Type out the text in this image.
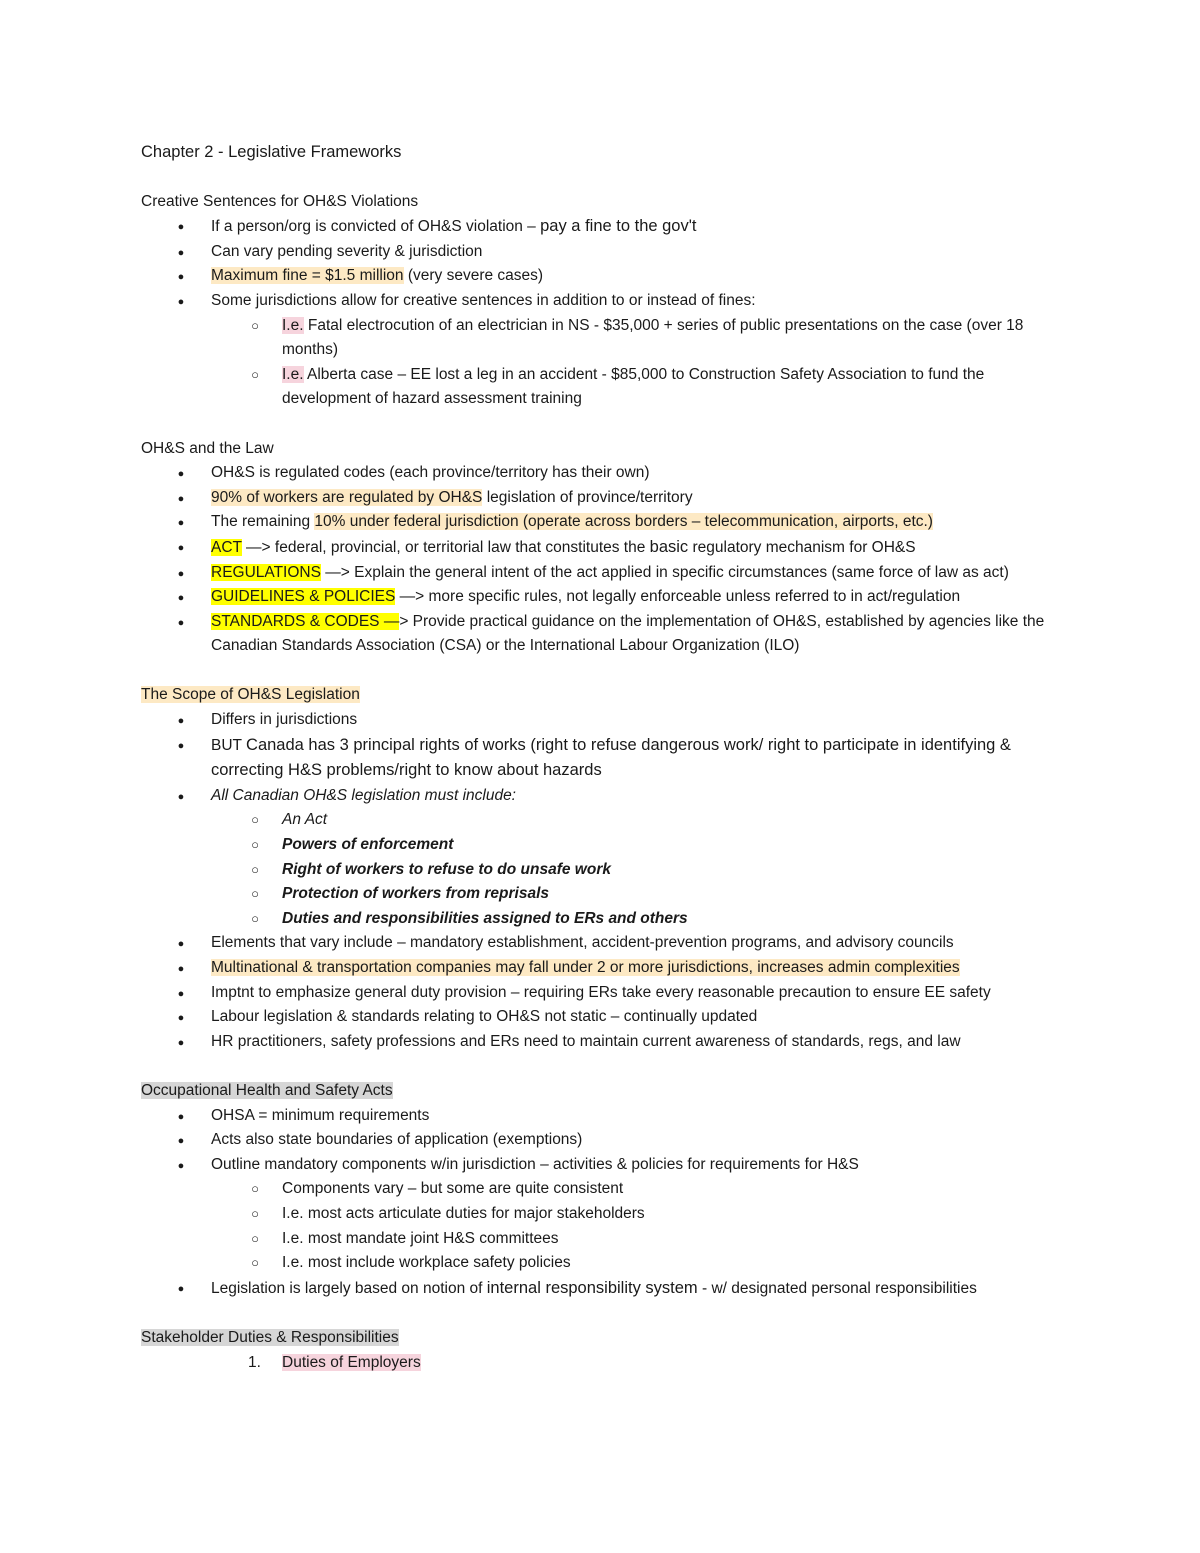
Chapter 2 - Legislative Frameworks

Creative Sentences for OH&S Violations

●
If a person/org is convicted of OH&S violation – pay a fine to the gov't
●
Can vary pending severity & jurisdiction
●
Maximum fine = $1.5 million (very severe cases)
●
Some jurisdictions allow for creative sentences in addition to or instead of fines:
○
I.e. Fatal electrocution of an electrician in NS - $35,000 + series of public presentations on the case (over 18 months)
○
I.e. Alberta case – EE lost a leg in an accident - $85,000 to Construction Safety Association to fund the development of hazard assessment training

OH&S and the Law

●
OH&S is regulated codes (each province/territory has their own)
●
90% of workers are regulated by OH&S legislation of province/territory
●
The remaining 10% under federal jurisdiction (operate across borders – telecommunication, airports, etc.)
●
ACT —> federal, provincial, or territorial law that constitutes the basic regulatory mechanism for OH&S
●
REGULATIONS —> Explain the general intent of the act applied in specific circumstances (same force of law as act)
●
GUIDELINES & POLICIES —> more specific rules, not legally enforceable unless referred to in act/regulation
●
STANDARDS & CODES —> Provide practical guidance on the implementation of OH&S, established by agencies like the Canadian Standards Association (CSA) or the International Labour Organization (ILO)

The Scope of OH&S Legislation

●
Differs in jurisdictions
●
BUT Canada has 3 principal rights of works (right to refuse dangerous work/ right to participate in identifying & correcting H&S problems/right to know about hazards
●
All Canadian OH&S legislation must include:
○
An Act
○
Powers of enforcement
○
Right of workers to refuse to do unsafe work
○
Protection of workers from reprisals
○
Duties and responsibilities assigned to ERs and others
●
Elements that vary include – mandatory establishment, accident-prevention programs, and advisory councils
●
Multinational & transportation companies may fall under 2 or more jurisdictions, increases admin complexities
●
Imptnt to emphasize general duty provision – requiring ERs take every reasonable precaution to ensure EE safety
●
Labour legislation & standards relating to OH&S not static – continually updated
●
HR practitioners, safety professions and ERs need to maintain current awareness of standards, regs, and law

Occupational Health and Safety Acts

●
OHSA = minimum requirements
●
Acts also state boundaries of application (exemptions)
●
Outline mandatory components w/in jurisdiction – activities & policies for requirements for H&S
○
Components vary – but some are quite consistent
○
I.e. most acts articulate duties for major stakeholders
○
I.e. most mandate joint H&S committees
○
I.e. most include workplace safety policies
●
Legislation is largely based on notion of internal responsibility system - w/ designated personal responsibilities

Stakeholder Duties & Responsibilities

1. Duties of Employers
